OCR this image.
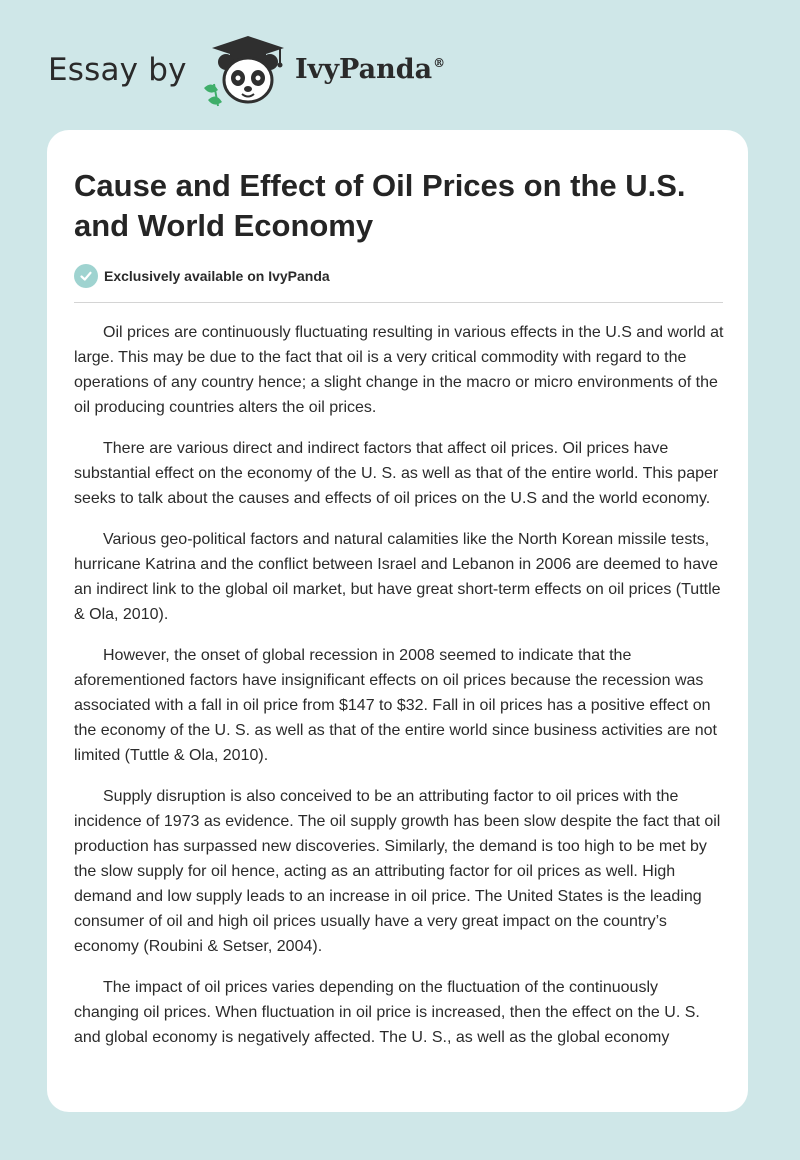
Essay by	IvyPanda®
Cause and Effect of Oil Prices on the U.S. and World Economy
Exclusively available on IvyPanda

Oil prices are continuously fluctuating resulting in various effects in the U.S and world at large. This may be due to the fact that oil is a very critical commodity with regard to the operations of any country hence; a slight change in the macro or micro environments of the oil producing countries alters the oil prices.

There are various direct and indirect factors that affect oil prices. Oil prices have substantial effect on the economy of the U. S. as well as that of the entire world. This paper seeks to talk about the causes and effects of oil prices on the U.S and the world economy.

Various geo-political factors and natural calamities like the North Korean missile tests, hurricane Katrina and the conflict between Israel and Lebanon in 2006 are deemed to have an indirect link to the global oil market, but have great short-term effects on oil prices (Tuttle & Ola, 2010).

However, the onset of global recession in 2008 seemed to indicate that the aforementioned factors have insignificant effects on oil prices because the recession was associated with a fall in oil price from $147 to $32. Fall in oil prices has a positive effect on the economy of the U. S. as well as that of the entire world since business activities are not limited (Tuttle & Ola, 2010).

Supply disruption is also conceived to be an attributing factor to oil prices with the incidence of 1973 as evidence. The oil supply growth has been slow despite the fact that oil production has surpassed new discoveries. Similarly, the demand is too high to be met by the slow supply for oil hence, acting as an attributing factor for oil prices as well. High demand and low supply leads to an increase in oil price. The United States is the leading consumer of oil and high oil prices usually have a very great impact on the country’s economy (Roubini & Setser, 2004).

The impact of oil prices varies depending on the fluctuation of the continuously changing oil prices. When fluctuation in oil price is increased, then the effect on the U. S. and global economy is negatively affected. The U. S., as well as the global economy
